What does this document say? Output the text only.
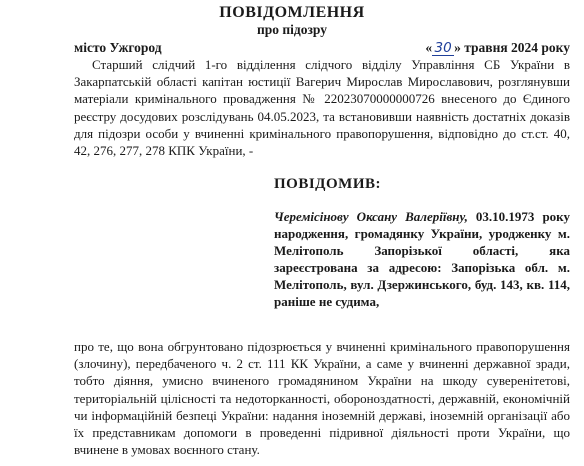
ПОВІДОМЛЕННЯ
про підозру
місто Ужгород	« 30 » травня 2024 року
Старший слідчий 1-го відділення слідчого відділу Управління СБ України в Закарпатській області капітан юстиції Вагерич Мирослав Мирославович, розглянувши матеріали кримінального провадження № 22023070000000726 внесеного до Єдиного реєстру досудових розслідувань 04.05.2023, та встановивши наявність достатніх доказів для підозри особи у вчиненні кримінального правопорушення, відповідно до ст.ст. 40, 42, 276, 277, 278 КПК України, -
ПОВІДОМИВ:
Черемісінову Оксану Валеріївну, 03.10.1973 року народження, громадянку України, уродженку м. Мелітополь Запорізької області, яка зареєстрована за адресою: Запорізька обл. м. Мелітополь, вул. Дзержинського, буд. 143, кв. 114, раніше не судима,
про те, що вона обгрунтовано підозрюється у вчиненні кримінального правопорушення (злочину), передбаченого ч. 2 ст. 111 КК України, а саме у вчиненні державної зради, тобто діяння, умисно вчиненого громадянином України на шкоду суверенітетові, територіальній цілісності та недоторканності, обороноздатності, державній, економічній чи інформаційній безпеці України: надання іноземній державі, іноземній організації або їх представникам допомоги в проведенні підривної діяльності проти України, що вчинене в умовах воєнного стану.
